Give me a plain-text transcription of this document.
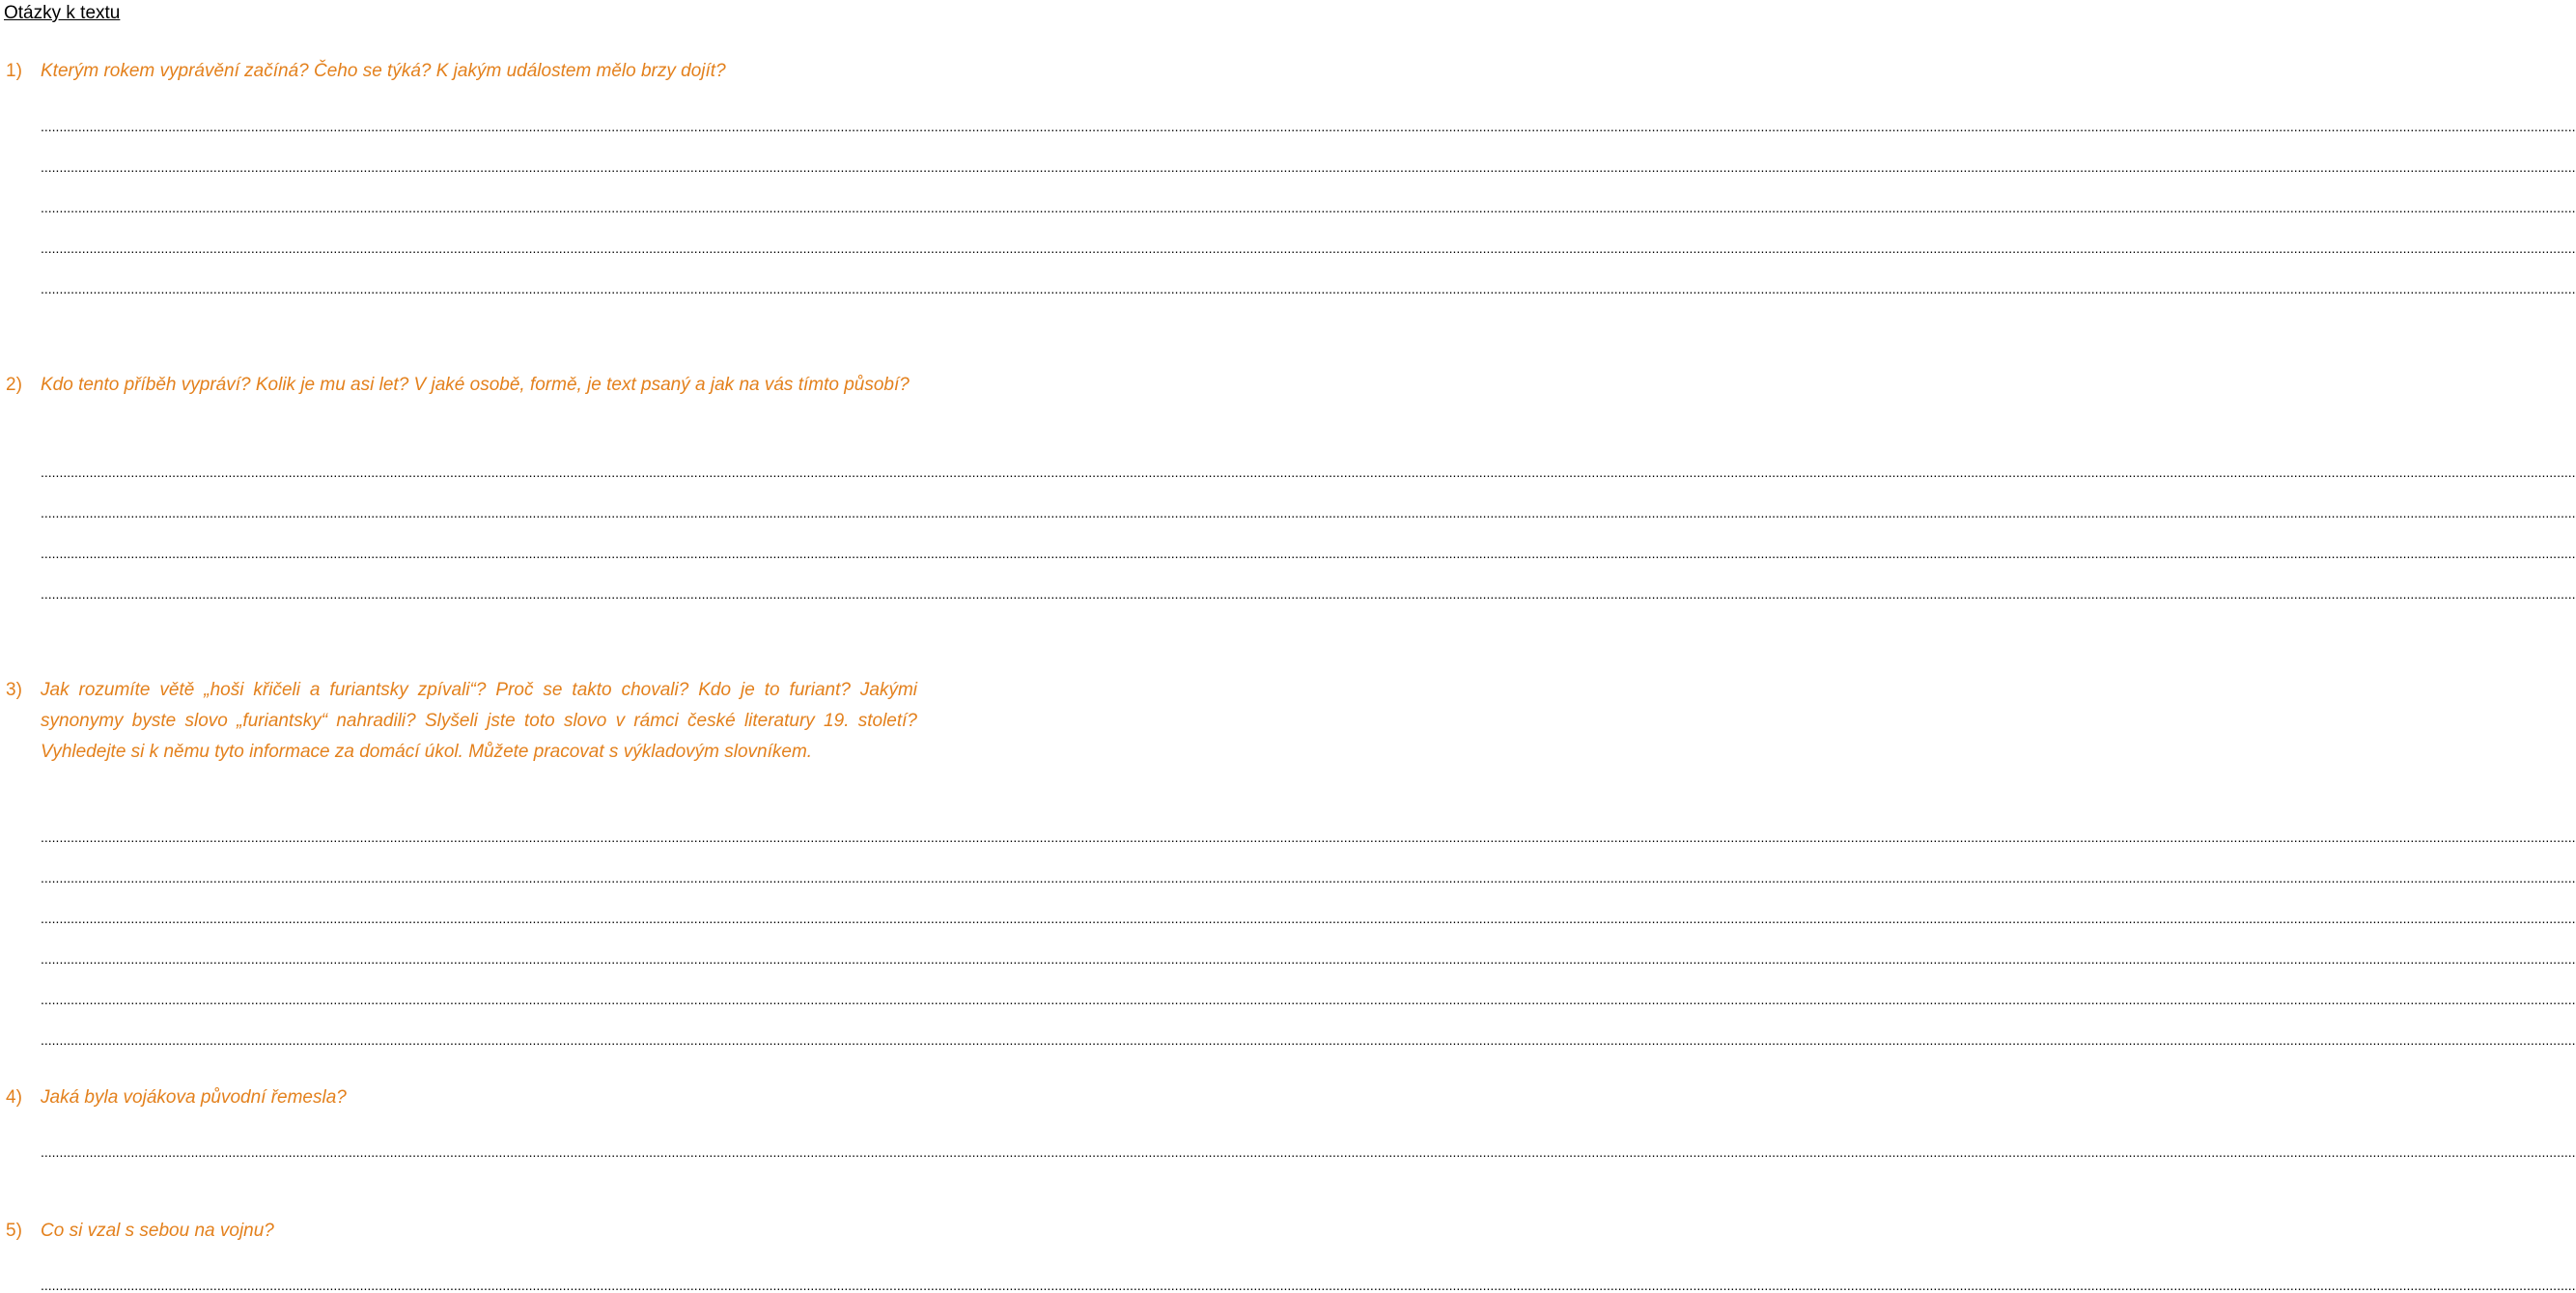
Otázky k textu
1) Kterým rokem vyprávění začíná? Čeho se týká? K jakým událostem mělo brzy dojít?
...................................................................................................................................................................................................................................................................................................................................................................................................................................................................................................................................................................................................................................................................................................
...................................................................................................................................................................................................................................................................................................................................................................................................................................................................................................................................................................................................................................................................................................
...................................................................................................................................................................................................................................................................................................................................................................................................................................................................................................................................................................................................................................................................................................
...................................................................................................................................................................................................................................................................................................................................................................................................................................................................................................................................................................................................................................................................................................
...................................................................................................................................................................................................................................................................................................................................................................................................................................................................................................................................................................................................................................................................................................
2) Kdo tento příběh vypráví? Kolik je mu asi let? V jaké osobě, formě, je text psaný a jak na vás tímto působí?
...................................................................................................................................................................................................................................................................................................................................................................................................................................................................................................................................................................................................................................................................................................
...................................................................................................................................................................................................................................................................................................................................................................................................................................................................................................................................................................................................................................................................................................
...................................................................................................................................................................................................................................................................................................................................................................................................................................................................................................................................................................................................................................................................................................
...................................................................................................................................................................................................................................................................................................................................................................................................................................................................................................................................................................................................................................................................................................
3) Jak rozumíte větě „hoši křičeli a furiantsky zpívali“? Proč se takto chovali? Kdo je to furiant? Jakými synonymy byste slovo „furiantsky“ nahradili? Slyšeli jste toto slovo v rámci české literatury 19. století? Vyhledejte si k němu tyto informace za domácí úkol. Můžete pracovat s výkladovým slovníkem.
...................................................................................................................................................................................................................................................................................................................................................................................................................................................................................................................................................................................................................................................................................................
...................................................................................................................................................................................................................................................................................................................................................................................................................................................................................................................................................................................................................................................................................................
...................................................................................................................................................................................................................................................................................................................................................................................................................................................................................................................................................................................................................................................................................................
...................................................................................................................................................................................................................................................................................................................................................................................................................................................................................................................................................................................................................................................................................................
...................................................................................................................................................................................................................................................................................................................................................................................................................................................................................................................................................................................................................................................................................................
...................................................................................................................................................................................................................................................................................................................................................................................................................................................................................................................................................................................................................................................................................................
4) Jaká byla vojákova původní řemesla?
...................................................................................................................................................................................................................................................................................................................................................................................................................................................................................................................................................................................................................................................................................................
5) Co si vzal s sebou na vojnu?
...................................................................................................................................................................................................................................................................................................................................................................................................................................................................................................................................................................................................................................................................................................
